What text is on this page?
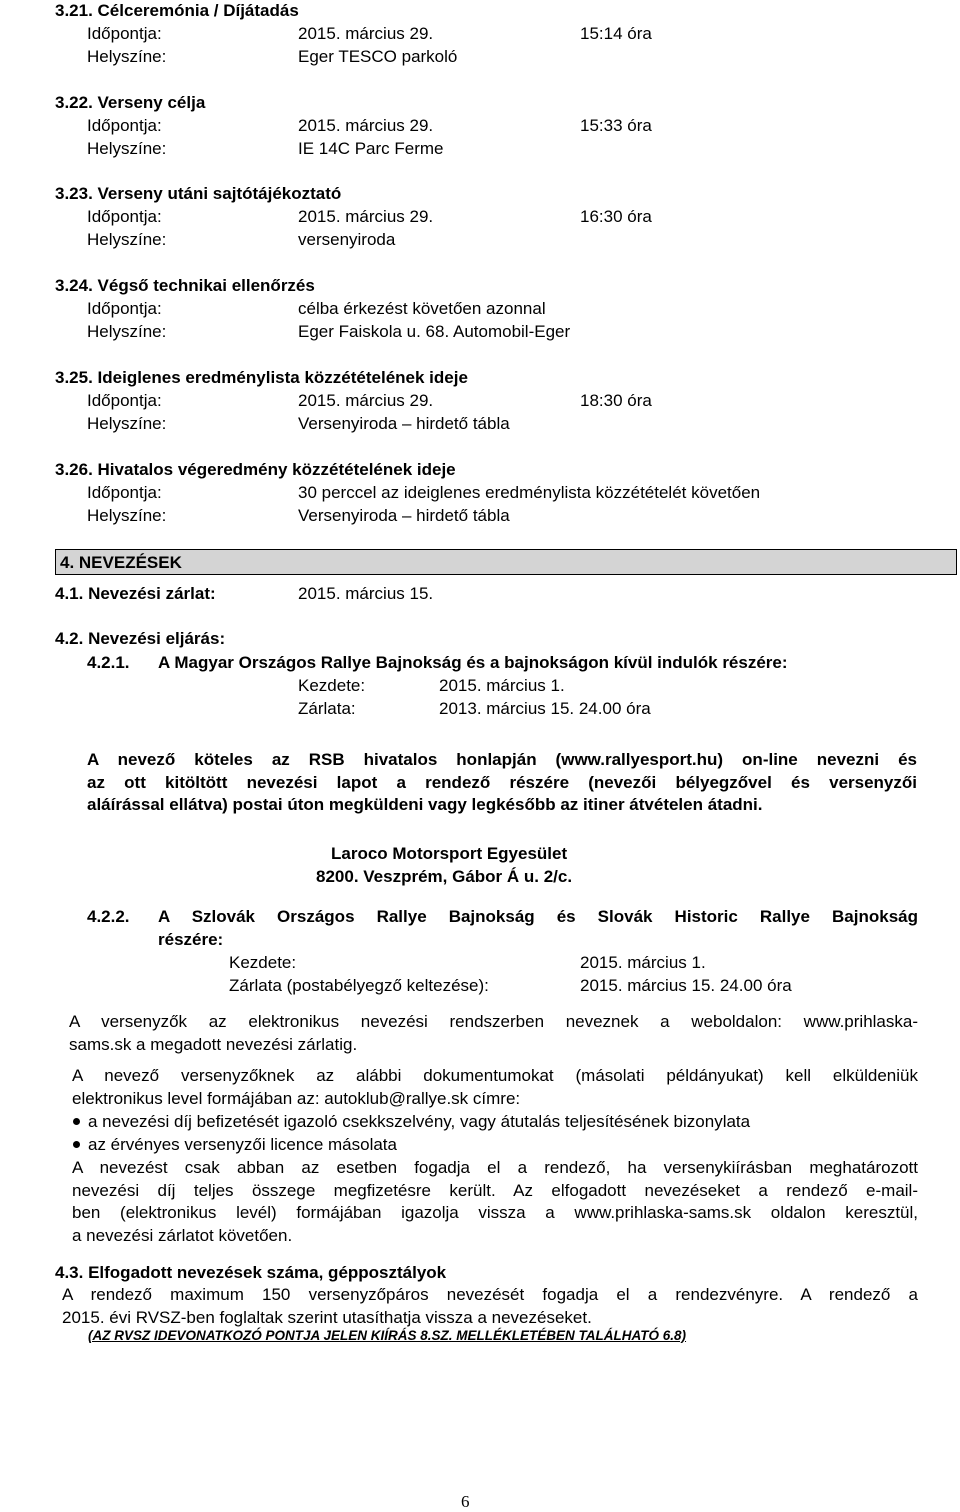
3.21. Célceremónia / Díjátadás
Időpontja:	2015. március 29.	15:14 óra
Helyszíne:	Eger TESCO parkoló
3.22. Verseny célja
Időpontja:	2015. március 29.	15:33 óra
Helyszíne:	IE 14C Parc Ferme
3.23. Verseny utáni sajtótájékoztató
Időpontja:	2015. március 29.	16:30 óra
Helyszíne:	versenyiroda
3.24. Végső technikai ellenőrzés
Időpontja:	célba érkezést követően azonnal
Helyszíne:	Eger Faiskola u. 68. Automobil-Eger
3.25. Ideiglenes eredménylista közzétételének ideje
Időpontja:	2015. március 29.	18:30 óra
Helyszíne:	Versenyiroda – hirdető tábla
3.26. Hivatalos végeredmény közzétételének ideje
Időpontja:	30 perccel az ideiglenes eredménylista közzétételét követően
Helyszíne:	Versenyiroda – hirdető tábla
4. NEVEZÉSEK
4.1. Nevezési zárlat:	2015. március 15.
4.2. Nevezési eljárás:
4.2.1. A Magyar Országos Rallye Bajnokság és a bajnokságon kívül indulók részére:
Kezdete:	2015. március 1.
Zárlata:	2013. március 15. 24.00 óra
A nevező köteles az RSB hivatalos honlapján (www.rallyesport.hu) on-line nevezni és
az ott kitöltött nevezési lapot a rendező részére (nevezői bélyegzővel és versenyzői
aláírással ellátva) postai úton megküldeni vagy legkésőbb az itiner átvételen átadni.
Laroco Motorsport Egyesület
8200. Veszprém, Gábor Á u. 2/c.
4.2.2. A Szlovák Országos Rallye Bajnokság és Slovák Historic Rallye Bajnokság
részére:
Kezdete:	2015. március 1.
Zárlata (postabélyegző keltezése):	2015. március 15. 24.00 óra
A versenyzők az elektronikus nevezési rendszerben neveznek a weboldalon: www.prihlaska-
sams.sk a megadott nevezési zárlatig.
A nevező versenyzőknek az alábbi dokumentumokat (másolati példányukat) kell elküldeniük
elektronikus level formájában az: autoklub@rallye.sk címre:
a nevezési díj befizetését igazoló csekkszelvény, vagy átutalás teljesítésének bizonylata
az érvényes versenyzői licence másolata
A nevezést csak abban az esetben fogadja el a rendező, ha versenykiírásban meghatározott
nevezési díj teljes összege megfizetésre került. Az elfogadott nevezéseket a rendező e-mail-
ben (elektronikus levél) formájában igazolja vissza a www.prihlaska-sams.sk oldalon keresztül,
a nevezési zárlatot követően.
4.3. Elfogadott nevezések száma, gépposztályok
A rendező maximum 150 versenyzőpáros nevezését fogadja el a rendezvényre. A rendező a
2015. évi RVSZ-ben foglaltak szerint utasíthatja vissza a nevezéseket.
(AZ RVSZ IDEVONATKOZÓ PONTJA JELEN KIÍRÁS 8.SZ. MELLÉKLETÉBEN TALÁLHATÓ 6.8)
6
